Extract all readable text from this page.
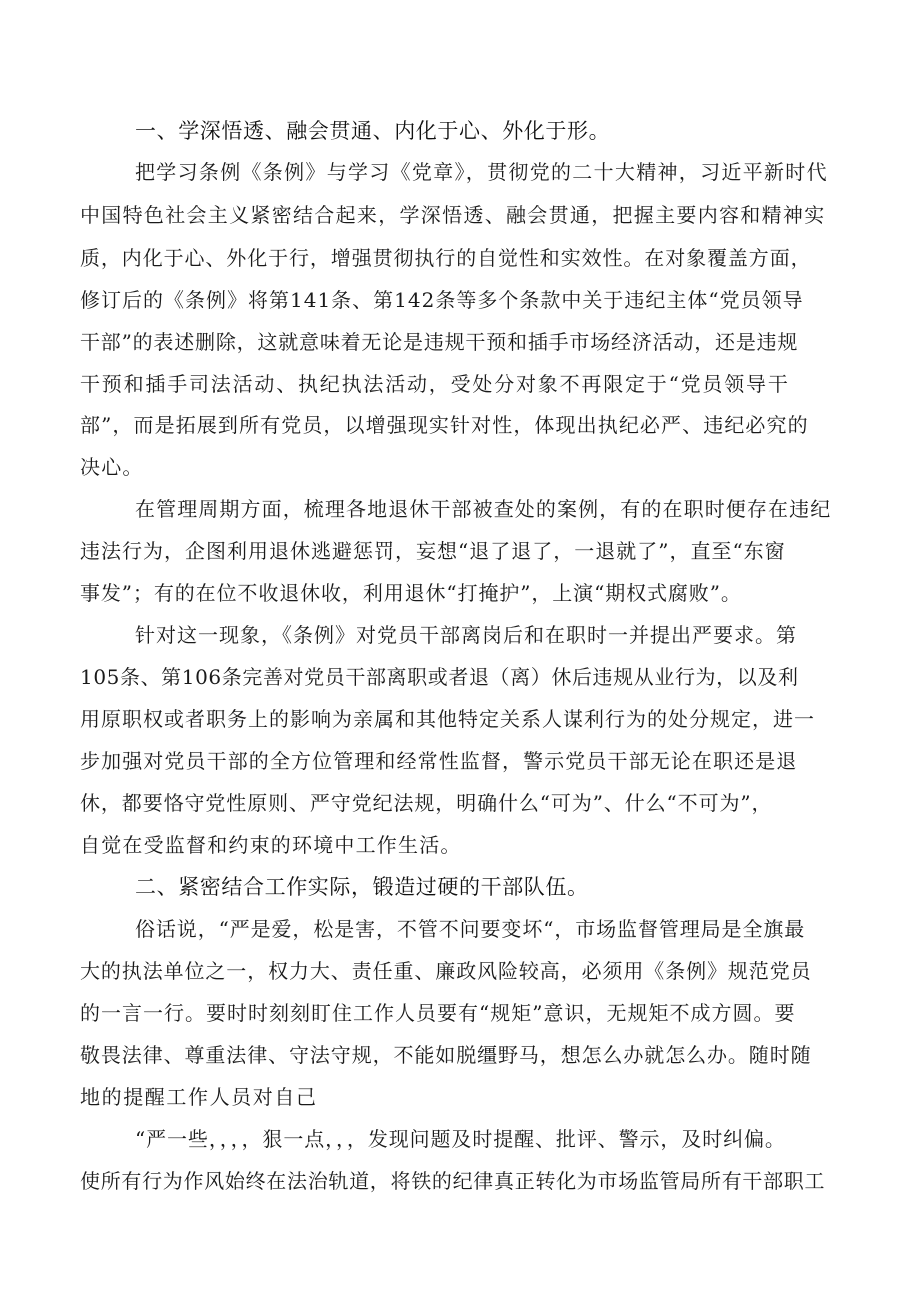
一、学深悟透、融会贯通、内化于心、外化于形。
把学习条例《条例》与学习《党章》，贯彻党的二十大精神，习近平新时代
中国特色社会主义紧密结合起来，学深悟透、融会贯通，把握主要内容和精神实
质，内化于心、外化于行，增强贯彻执行的自觉性和实效性。在对象覆盖方面，
修订后的《条例》将第141条、第142条等多个条款中关于违纪主体“党员领导
干部”的表述删除，这就意味着无论是违规干预和插手市场经济活动，还是违规
干预和插手司法活动、执纪执法活动，受处分对象不再限定于“党员领导干
部”，而是拓展到所有党员，以增强现实针对性，体现出执纪必严、违纪必究的
决心。
在管理周期方面，梳理各地退休干部被查处的案例，有的在职时便存在违纪
违法行为，企图利用退休逃避惩罚，妄想“退了退了，一退就了”，直至“东窗
事发”；有的在位不收退休收，利用退休“打掩护”，上演“期权式腐败”。
针对这一现象，《条例》对党员干部离岗后和在职时一并提出严要求。第
105条、第106条完善对党员干部离职或者退（离）休后违规从业行为，以及利
用原职权或者职务上的影响为亲属和其他特定关系人谋利行为的处分规定，进一
步加强对党员干部的全方位管理和经常性监督，警示党员干部无论在职还是退
休，都要恪守党性原则、严守党纪法规，明确什么“可为”、什么“不可为”，
自觉在受监督和约束的环境中工作生活。
二、紧密结合工作实际，锻造过硬的干部队伍。
俗话说，“严是爱，松是害，不管不问要变坏“，市场监督管理局是全旗最
大的执法单位之一，权力大、责任重、廉政风险较高，必须用《条例》规范党员
的一言一行。要时时刻刻盯住工作人员要有“规矩”意识，无规矩不成方圆。要
敬畏法律、尊重法律、守法守规，不能如脱缰野马，想怎么办就怎么办。随时随
地的提醒工作人员对自己
“严一些，，，，狠一点，，，发现问题及时提醒、批评、警示，及时纠偏。
使所有行为作风始终在法治轨道，将铁的纪律真正转化为市场监管局所有干部职工
